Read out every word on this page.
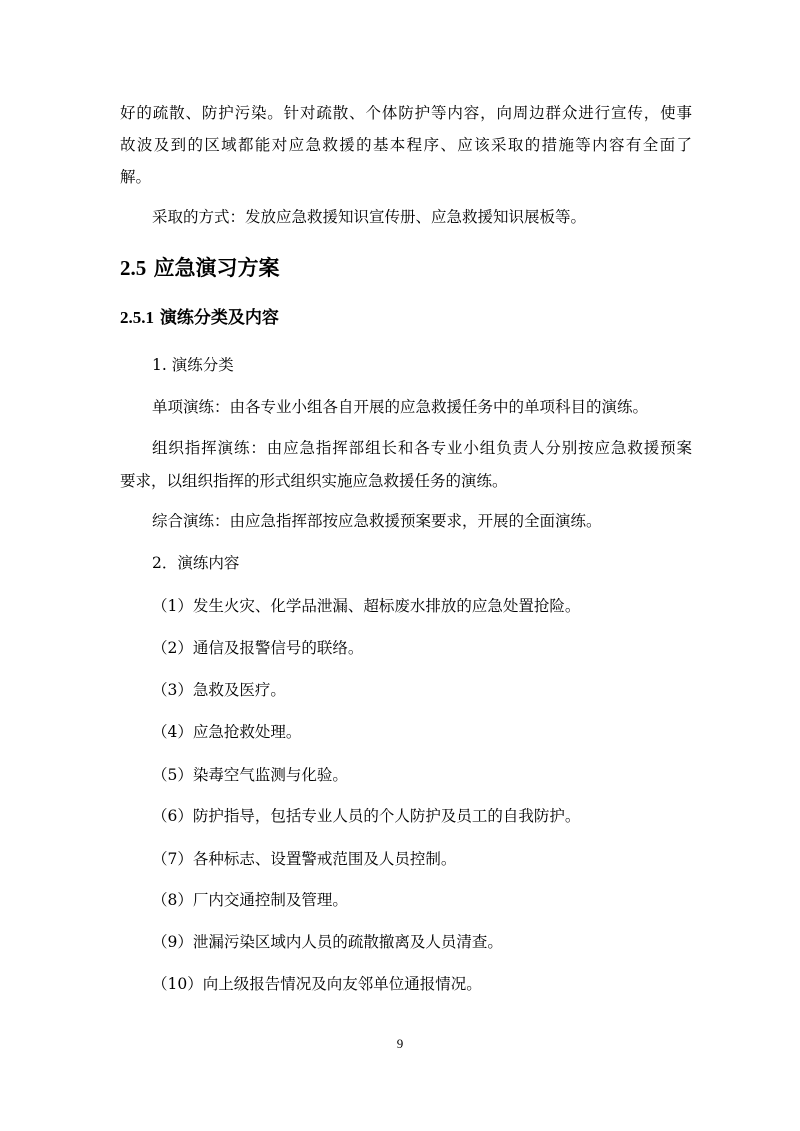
好的疏散、防护污染。针对疏散、个体防护等内容，向周边群众进行宣传，使事
故波及到的区域都能对应急救援的基本程序、应该采取的措施等内容有全面了
解。
采取的方式：发放应急救援知识宣传册、应急救援知识展板等。
2.5 应急演习方案
2.5.1 演练分类及内容
1. 演练分类
单项演练：由各专业小组各自开展的应急救援任务中的单项科目的演练。
组织指挥演练：由应急指挥部组长和各专业小组负责人分别按应急救援预案
要求，以组织指挥的形式组织实施应急救援任务的演练。
综合演练：由应急指挥部按应急救援预案要求，开展的全面演练。
2．演练内容
（1）发生火灾、化学品泄漏、超标废水排放的应急处置抢险。
（2）通信及报警信号的联络。
（3）急救及医疗。
（4）应急抢救处理。
（5）染毒空气监测与化验。
（6）防护指导，包括专业人员的个人防护及员工的自我防护。
（7）各种标志、设置警戒范围及人员控制。
（8）厂内交通控制及管理。
（9）泄漏污染区域内人员的疏散撤离及人员清查。
（10）向上级报告情况及向友邻单位通报情况。
9
